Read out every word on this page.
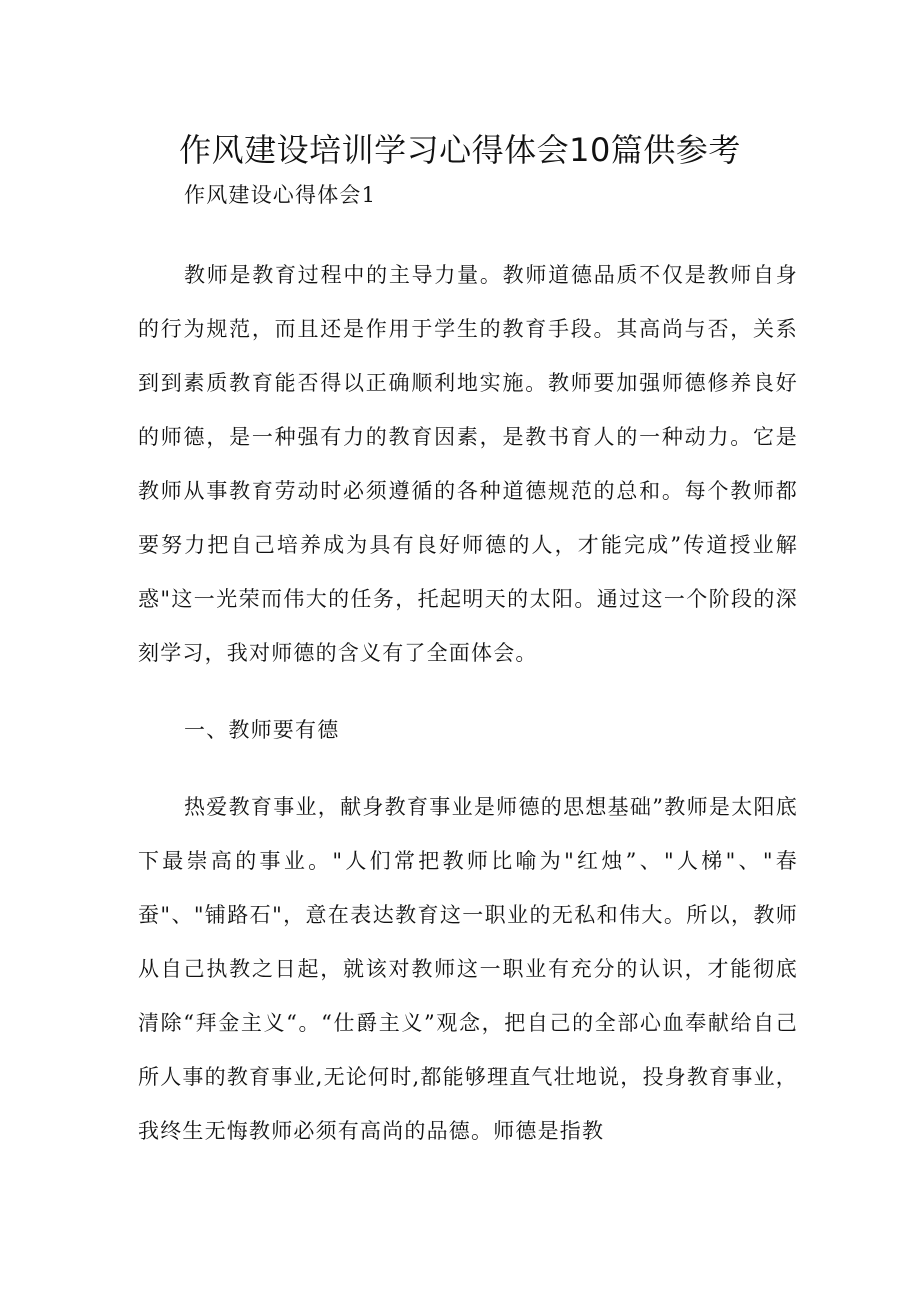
作风建设培训学习心得体会10篇供参考

作风建设心得体会1

教师是教育过程中的主导力量。教师道德品质不仅是教师自身的行为规范，而且还是作用于学生的教育手段。其高尚与否，关系到到素质教育能否得以正确顺利地实施。教师要加强师德修养良好的师德，是一种强有力的教育因素，是教书育人的一种动力。它是教师从事教育劳动时必须遵循的各种道德规范的总和。每个教师都要努力把自己培养成为具有良好师德的人，才能完成”传道授业解惑"这一光荣而伟大的任务，托起明天的太阳。通过这一个阶段的深刻学习，我对师德的含义有了全面体会。

一、教师要有德

热爱教育事业，献身教育事业是师德的思想基础”教师是太阳底下最崇高的事业。"人们常把教师比喻为"红烛”、"人梯"、"春蚕"、"铺路石"，意在表达教育这一职业的无私和伟大。所以，教师从自己执教之日起，就该对教师这一职业有充分的认识，才能彻底清除“拜金主义“。“仕爵主义”观念，把自己的全部心血奉献给自己所人事的教育事业,无论何时,都能够理直气壮地说，投身教育事业，我终生无悔教师必须有高尚的品德。师德是指教
